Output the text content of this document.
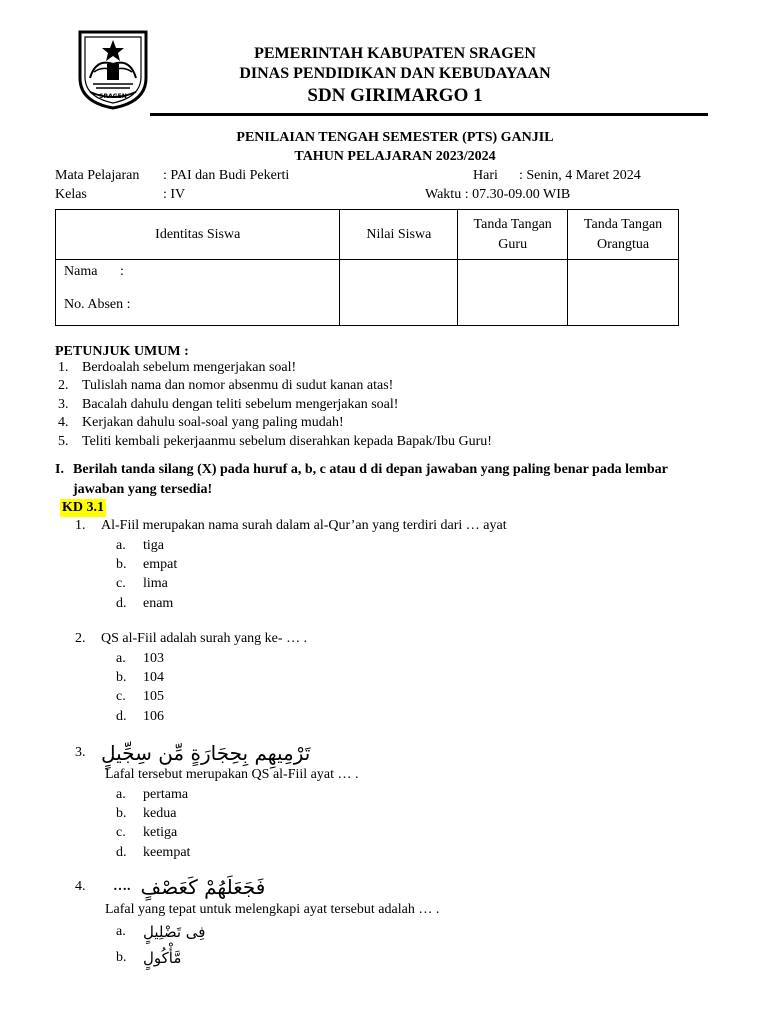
SRAGEN
PEMERINTAH KABUPATEN SRAGEN
DINAS PENDIDIKAN DAN KEBUDAYAAN
SDN GIRIMARGO 1
PENILAIAN TENGAH SEMESTER (PTS) GANJIL
TAHUN PELAJARAN 2023/2024
Mata Pelajaran	: PAI dan Budi Pekerti
Kelas	: IV
Hari : Senin, 4 Maret 2024
Waktu : 07.30-09.00 WIB
Identitas Siswa	Nilai Siswa	Tanda Tangan Guru	Tanda Tangan Orangtua

Nama :
No. Absen :			

PETUNJUK UMUM :
1. Berdoalah sebelum mengerjakan soal!
2. Tulislah nama dan nomor absenmu di sudut kanan atas!
3. Bacalah dahulu dengan teliti sebelum mengerjakan soal!
4. Kerjakan dahulu soal-soal yang paling mudah!
5. Teliti kembali pekerjaanmu sebelum diserahkan kepada Bapak/Ibu Guru!
I. Berilah tanda silang (X) pada huruf a, b, c atau d di depan jawaban yang paling benar pada lembar jawaban yang tersedia!
KD 3.1
1.	Al-Fiil merupakan nama surah dalam al-Qur’an yang terdiri dari … ayat
a.	tiga
b.	empat
c.	lima
d.	enam
2.	QS al-Fiil adalah surah yang ke- … .
a.	103
b.	104
c.	105
d.	106
3. تَرْمِيهِم بِحِجَارَةٍ مِّن سِجِّيلٍ
Lafal tersebut merupakan QS al-Fiil ayat … .
a.	pertama
b.	kedua
c.	ketiga
d.	keempat
4.	…. فَجَعَلَهُمْ كَعَصْفٍ
Lafal yang tepat untuk melengkapi ayat tersebut adalah … .
a.	فِى تَضْلِيلٍ
b.	مَّأْكُولٍ
